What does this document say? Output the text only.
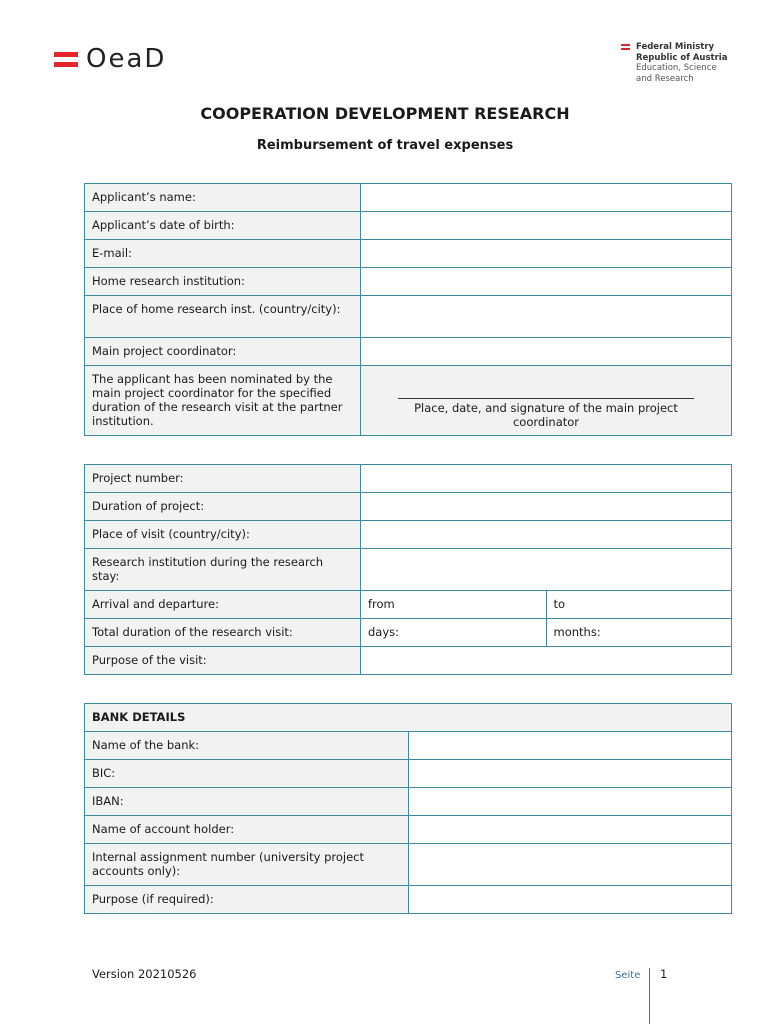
OeaD	Federal Ministry
Republic of Austria
Education, Science
and Research
COOPERATION DEVELOPMENT RESEARCH
Reimbursement of travel expenses
Applicant’s name:	
Applicant’s date of birth:	
E-mail:	
Home research institution:	
Place of home research inst. (country/city):	
Main project coordinator:	
The applicant has been nominated by the main project coordinator for the specified duration of the research visit at the partner institution.	Place, date, and signature of the main project coordinator
Project number:		
Duration of project:		
Place of visit (country/city):		
Research institution during the research stay:		
Arrival and departure:	from	to
Total duration of the research visit:	days:	months:
Purpose of the visit:		
BANK DETAILS	
Name of the bank:	
BIC:	
IBAN:	
Name of account holder:	
Internal assignment number (university project accounts only):	
Purpose (if required):	
Version 20210526	Seite 1
